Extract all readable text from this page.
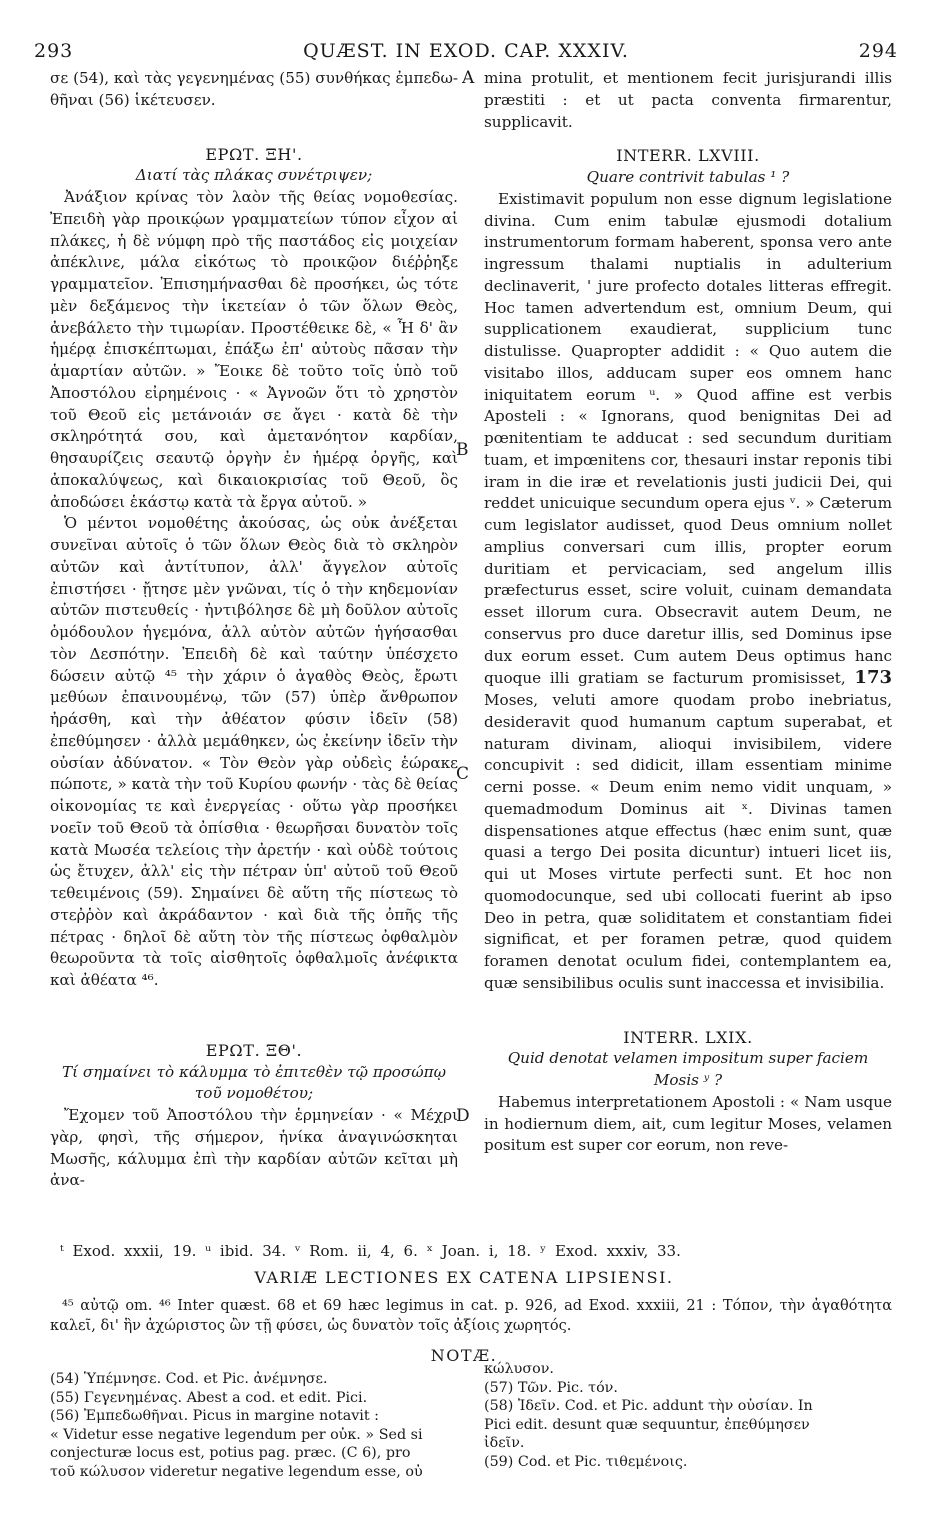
293	QUÆST. IN EXOD. CAP. XXXIV.	294

σε (54), καὶ τὰς γεγενημένας (55) συνθήκας ἐμπεδω-θῆναι (56) ἱκέτευσεν.

ΕΡΩΤ. ΞΗ'.

Διατί τὰς πλάκας συνέτριψεν;

Ἀνάξιον κρίνας τὸν λαὸν τῆς θείας νομοθεσίας. Ἐπειδὴ γὰρ προικῴων γραμματείων τύπον εἶχον αἱ πλάκες, ἡ δὲ νύμφη πρὸ τῆς παστάδος εἰς μοιχείαν ἀπέκλινε, μάλα εἰκότως τὸ προικῷον διέῤῥηξε γραμματεῖον. Ἐπισημήνασθαι δὲ προσήκει, ὡς τότε μὲν δεξάμενος τὴν ἱκετείαν ὁ τῶν ὅλων Θεὸς, ἀνεβάλετο τὴν τιμωρίαν. Προστέθεικε δὲ, « Ἧ δ' ἂν ἡμέρᾳ ἐπισκέπτωμαι, ἐπάξω ἐπ' αὐτοὺς πᾶσαν τὴν ἁμαρτίαν αὐτῶν. » Ἔοικε δὲ τοῦτο τοῖς ὑπὸ τοῦ Ἀποστόλου εἰρημένοις · « Ἀγνοῶν ὅτι τὸ χρηστὸν τοῦ Θεοῦ εἰς μετάνοιάν σε ἄγει · κατὰ δὲ τὴν σκληρότητά σου, καὶ ἀμετανόητον καρδίαν, θησαυρίζεις σεαυτῷ ὀργὴν ἐν ἡμέρᾳ ὀργῆς, καὶ ἀποκαλύψεως, καὶ δικαιοκρισίας τοῦ Θεοῦ, ὃς ἀποδώσει ἑκάστῳ κατὰ τὰ ἔργα αὐτοῦ. »

Ὁ μέντοι νομοθέτης ἀκούσας, ὡς οὐκ ἀνέξεται συνεῖναι αὐτοῖς ὁ τῶν ὅλων Θεὸς διὰ τὸ σκληρὸν αὐτῶν καὶ ἀντίτυπον, ἀλλ' ἄγγελον αὐτοῖς ἐπιστήσει · ᾔτησε μὲν γνῶναι, τίς ὁ τὴν κηδεμονίαν αὐτῶν πιστευθείς · ἠντιβόλησε δὲ μὴ δοῦλον αὐτοῖς ὁμόδουλον ἡγεμόνα, ἀλλ αὐτὸν αὐτῶν ἡγήσασθαι τὸν Δεσπότην. Ἐπειδὴ δὲ καὶ ταύτην ὑπέσχετο δώσειν αὐτῷ ⁴⁵ τὴν χάριν ὁ ἀγαθὸς Θεὸς, ἔρωτι μεθύων ἐπαινουμένῳ, τῶν (57) ὑπὲρ ἄνθρωπον ἠράσθη, καὶ τὴν ἀθέατον φύσιν ἰδεῖν (58) ἐπεθύμησεν · ἀλλὰ μεμάθηκεν, ὡς ἐκείνην ἰδεῖν τὴν οὐσίαν ἀδύνατον. « Τὸν Θεὸν γὰρ οὐδεὶς ἑώρακε πώποτε, » κατὰ τὴν τοῦ Κυρίου φωνήν · τὰς δὲ θείας οἰκονομίας τε καὶ ἐνεργείας · οὕτω γὰρ προσήκει νοεῖν τοῦ Θεοῦ τὰ ὀπίσθια · θεωρῆσαι δυνατὸν τοῖς κατὰ Μωσέα τελείοις τὴν ἀρετήν · καὶ οὐδὲ τούτοις ὡς ἔτυχεν, ἀλλ' εἰς τὴν πέτραν ὑπ' αὐτοῦ τοῦ Θεοῦ τεθειμένοις (59). Σημαίνει δὲ αὕτη τῆς πίστεως τὸ στεῤῥὸν καὶ ἀκράδαντον · καὶ διὰ τῆς ὀπῆς τῆς πέτρας · δηλοῖ δὲ αὕτη τὸν τῆς πίστεως ὀφθαλμὸν θεωροῦντα τὰ τοῖς αἰσθητοῖς ὀφθαλμοῖς ἀνέφικτα καὶ ἀθέατα ⁴⁶.

ΕΡΩΤ. ΞΘ'.

Τί σημαίνει τὸ κάλυμμα τὸ ἐπιτεθὲν τῷ προσώπῳ τοῦ νομοθέτου;

Ἔχομεν τοῦ Ἀποστόλου τὴν ἑρμηνείαν · « Μέχρι γὰρ, φησὶ, τῆς σήμερον, ἡνίκα ἀναγινώσκηται Μωσῆς, κάλυμμα ἐπὶ τὴν καρδίαν αὐτῶν κεῖται μὴ ἀνα-

mina protulit, et mentionem fecit jurisjurandi illis præstiti : et ut pacta conventa firmarentur, supplicavit.

INTERR. LXVIII.

Quare contrivit tabulas ¹ ?

Existimavit populum non esse dignum legislatione divina. Cum enim tabulæ ejusmodi dotalium instrumentorum formam haberent, sponsa vero ante ingressum thalami nuptialis in adulterium declinaverit, ' jure profecto dotales litteras effregit. Hoc tamen advertendum est, omnium Deum, qui supplicationem exaudierat, supplicium tunc distulisse. Quapropter addidit : « Quo autem die visitabo illos, adducam super eos omnem hanc iniquitatem eorum ᵘ. » Quod affine est verbis Aposteli : « Ignorans, quod benignitas Dei ad pœnitentiam te adducat : sed secundum duritiam tuam, et impœnitens cor, thesauri instar reponis tibi iram in die iræ et revelationis justi judicii Dei, qui reddet unicuique secundum opera ejus ᵛ. » Cæterum cum legislator audisset, quod Deus omnium nollet amplius conversari cum illis, propter eorum duritiam et pervicaciam, sed angelum illis præfecturus esset, scire voluit, cuinam demandata esset illorum cura. Obsecravit autem Deum, ne conservus pro duce daretur illis, sed Dominus ipse dux eorum esset. Cum autem Deus optimus hanc quoque illi gratiam se facturum promisisset, 173 Moses, veluti amore quodam probo inebriatus, desideravit quod humanum captum superabat, et naturam divinam, alioqui invisibilem, videre concupivit : sed didicit, illam essentiam minime cerni posse. « Deum enim nemo vidit unquam, » quemadmodum Dominus ait ˣ. Divinas tamen dispensationes atque effectus (hæc enim sunt, quæ quasi a tergo Dei posita dicuntur) intueri licet iis, qui ut Moses virtute perfecti sunt. Et hoc non quomodocunque, sed ubi collocati fuerint ab ipso Deo in petra, quæ soliditatem et constantiam fidei significat, et per foramen petræ, quod quidem foramen denotat oculum fidei, contemplantem ea, quæ sensibilibus oculis sunt inaccessa et invisibilia.

INTERR. LXIX.

Quid denotat velamen impositum super faciem Mosis ʸ ?

Habemus interpretationem Apostoli : « Nam usque in hodiernum diem, ait, cum legitur Moses, velamen positum est super cor eorum, non reve-

A
B
C
D
ᵗ Exod. xxxii, 19. ᵘ ibid. 34. ᵛ Rom. ii, 4, 6. ˣ Joan. i, 18. ʸ Exod. xxxiv, 33.
VARIÆ LECTIONES EX CATENA LIPSIENSI.
⁴⁵ αὐτῷ om. ⁴⁶ Inter quæst. 68 et 69 hæc legimus in cat. p. 926, ad Exod. xxxiii, 21 : Τόπον, τὴν ἀγαθότητα καλεῖ, δι' ἣν ἀχώριστος ὢν τῇ φύσει, ὡς δυνατὸν τοῖς ἀξίοις χωρητός.
NOTÆ.
(54) Ὑπέμνησε. Cod. et Pic. ἀνέμνησε.
(55) Γεγενημένας. Abest a cod. et edit. Pici.
(56) Ἐμπεδωθῆναι. Picus in margine notavit :
« Videtur esse negative legendum per οὐκ. » Sed si
conjecturæ locus est, potius pag. præc. (C 6), pro
τοῦ κώλυσον videretur negative legendum esse, οὐ
κώλυσον.
(57) Τῶν. Pic. τόν.
(58) Ἰδεῖν. Cod. et Pic. addunt τὴν οὐσίαν. In
Pici edit. desunt quæ sequuntur, ἐπεθύμησεν
ἰδεῖν.
(59) Cod. et Pic. τιθεμένοις.
